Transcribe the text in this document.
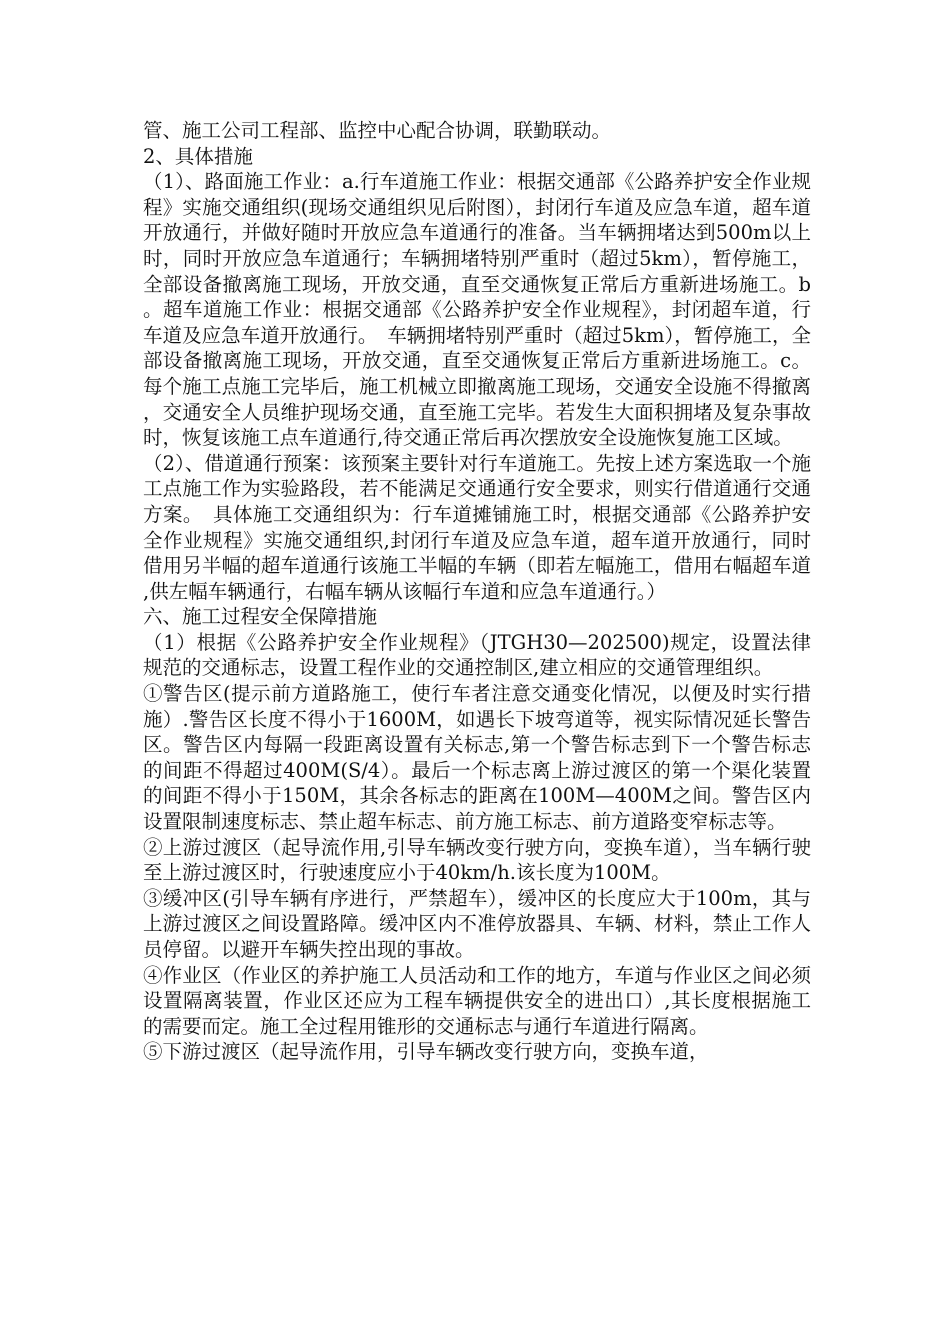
管、施工公司工程部、监控中心配合协调，联勤联动。

2、具体措施

（1）、路面施工作业：a.行车道施工作业：根据交通部《公路养护安全作业规程》实施交通组织(现场交通组织见后附图），封闭行车道及应急车道，超车道开放通行，并做好随时开放应急车道通行的准备。当车辆拥堵达到500m以上时，同时开放应急车道通行；车辆拥堵特别严重时（超过5km），暂停施工，全部设备撤离施工现场，开放交通，直至交通恢复正常后方重新进场施工。b。超车道施工作业：根据交通部《公路养护安全作业规程》，封闭超车道，行车道及应急车道开放通行。　车辆拥堵特别严重时（超过5km），暂停施工，全部设备撤离施工现场，开放交通，直至交通恢复正常后方重新进场施工。c。每个施工点施工完毕后，施工机械立即撤离施工现场，交通安全设施不得撤离，交通安全人员维护现场交通，直至施工完毕。若发生大面积拥堵及复杂事故时，恢复该施工点车道通行,待交通正常后再次摆放安全设施恢复施工区域。

（2）、借道通行预案：该预案主要针对行车道施工。先按上述方案选取一个施工点施工作为实验路段，若不能满足交通通行安全要求，则实行借道通行交通方案。　具体施工交通组织为：行车道摊铺施工时，根据交通部《公路养护安全作业规程》实施交通组织,封闭行车道及应急车道，超车道开放通行，同时借用另半幅的超车道通行该施工半幅的车辆（即若左幅施工，借用右幅超车道,供左幅车辆通行，右幅车辆从该幅行车道和应急车道通行。）

六、施工过程安全保障措施

（1）根据《公路养护安全作业规程》（JTGH30—202500)规定，设置法律规范的交通标志，设置工程作业的交通控制区,建立相应的交通管理组织。

①警告区(提示前方道路施工，使行车者注意交通变化情况，以便及时实行措施）.警告区长度不得小于1600M，如遇长下坡弯道等，视实际情况延长警告区。警告区内每隔一段距离设置有关标志,第一个警告标志到下一个警告标志的间距不得超过400M(S/4）。最后一个标志离上游过渡区的第一个渠化装置的间距不得小于150M，其余各标志的距离在100M—400M之间。警告区内设置限制速度标志、禁止超车标志、前方施工标志、前方道路变窄标志等。

②上游过渡区（起导流作用,引导车辆改变行驶方向，变换车道），当车辆行驶至上游过渡区时，行驶速度应小于40km/h.该长度为100M。

③缓冲区(引导车辆有序进行，严禁超车），缓冲区的长度应大于100m，其与上游过渡区之间设置路障。缓冲区内不准停放器具、车辆、材料，禁止工作人员停留。以避开车辆失控出现的事故。

④作业区（作业区的养护施工人员活动和工作的地方，车道与作业区之间必须设置隔离装置，作业区还应为工程车辆提供安全的进出口）,其长度根据施工的需要而定。施工全过程用锥形的交通标志与通行车道进行隔离。

⑤下游过渡区（起导流作用，引导车辆改变行驶方向，变换车道，
